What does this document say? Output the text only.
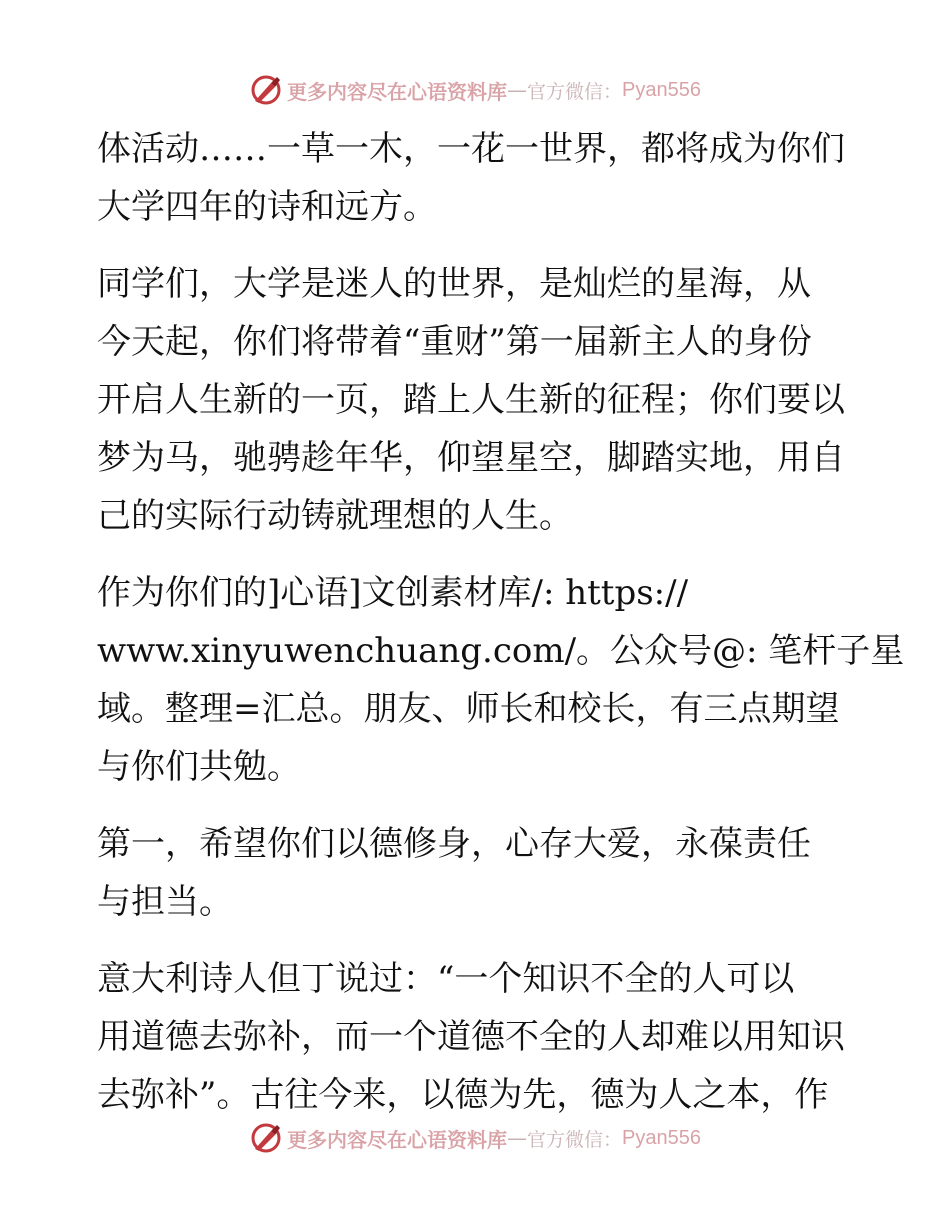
更多内容尽在心语资料库 — 官方微信： Pyan556
体活动……一草一木，一花一世界，都将成为你们
大学四年的诗和远方。
同学们，大学是迷人的世界，是灿烂的星海，从
今天起，你们将带着“重财”第一届新主人的身份
开启人生新的一页，踏上人生新的征程；你们要以
梦为马，驰骋趁年华，仰望星空，脚踏实地，用自
己的实际行动铸就理想的人生。
作为你们的]心语]文创素材库/: https://
www.xinyuwenchuang.com/。公众号@: 笔杆子星
域。整理=汇总。朋友、师长和校长，有三点期望
与你们共勉。
第一，希望你们以德修身，心存大爱，永葆责任
与担当。
意大利诗人但丁说过：“一个知识不全的人可以
用道德去弥补，而一个道德不全的人却难以用知识
去弥补”。古往今来，以德为先，德为人之本，作
更多内容尽在心语资料库 — 官方微信： Pyan556
